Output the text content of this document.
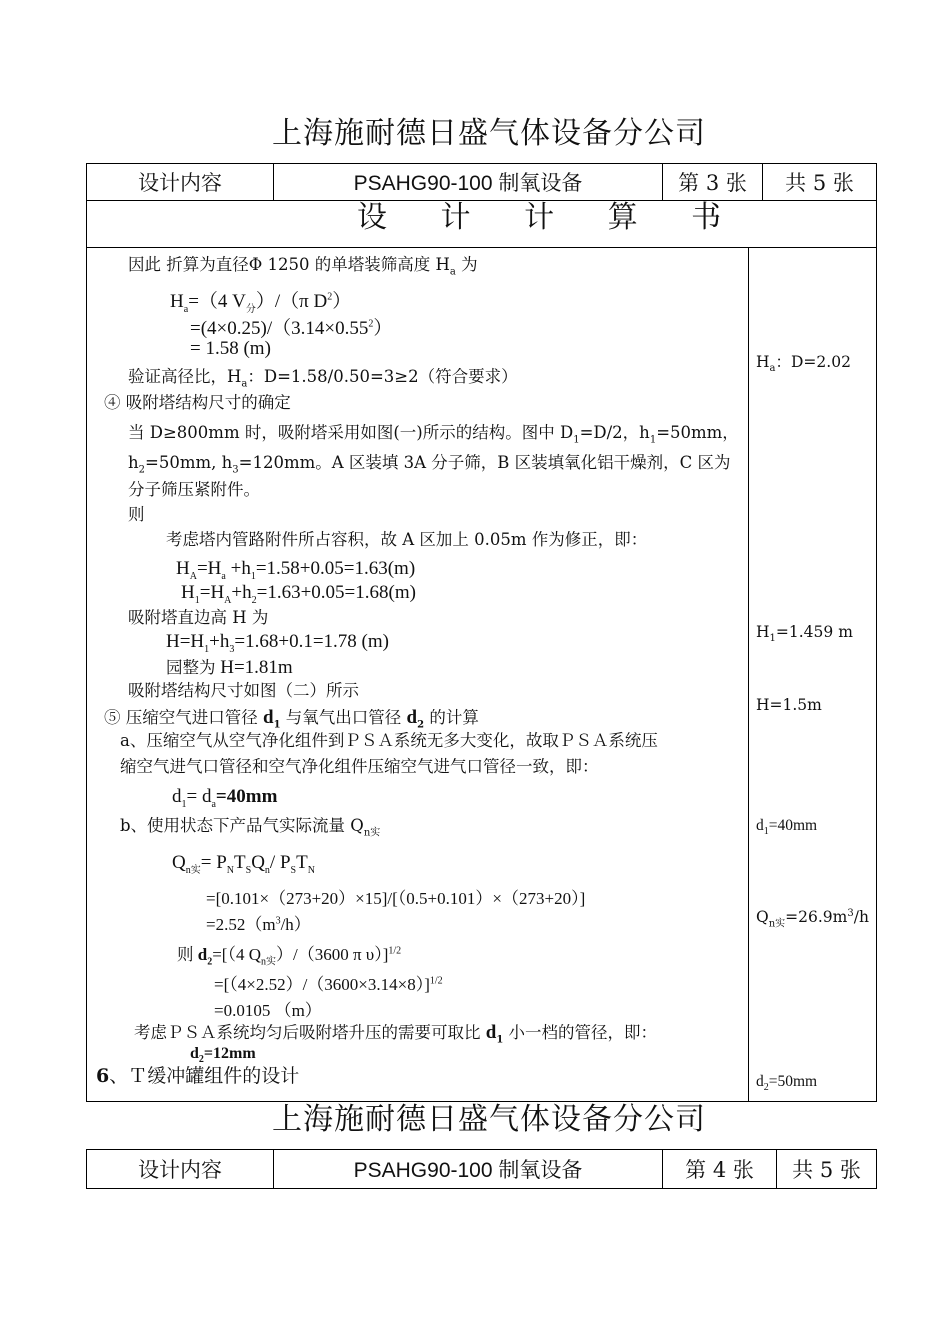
上海施耐德日盛气体设备分公司
设计内容	PSAHG90-100 制氧设备	第 3 张	共 5 张
设 计 计 算 书
因此 折算为直径Φ 1250 的单塔装筛高度 $H_a$ 为
$H_a=(4$ $V_分)/(\pi$ $D^2$）
$=(4\times 0.25)/(3.14\times 0.55^2)$
= 1.58 (m)
验证高径比，$H_a$：D=1.58/0.50=3≥2（符合要求）
④ 吸附塔结构尺寸的确定
当 D≥800mm 时，吸附塔采用如图(一)所示的结构。图中 $D_1=D/2$，$h_1=50mm$，
$h_2=50mm$, $h_3=120mm$。A 区装填 3A 分子筛，B 区装填氧化铝干燥剂，C 区为
分子筛压紧附件。
则
考虑塔内管路附件所占容积，故 A 区加上 0.05m 作为修正，即：
$H_A=H_a +h_1=1.58+0.05=1.63(m)$
$H_1=H_A+h_2=1.63+0.05=1.68(m)$
吸附塔直边高 H 为
$H=H_1+h_3=1.68+0.1=1.78$ (m)
园整为 H=1.81m
吸附塔结构尺寸如图（二）所示
⑤ 压缩空气进口管径 $d_1$ 与氧气出口管径 $d_2$ 的计算
a、压缩空气从空气净化组件到ＰＳＡ系统无多大变化，故取ＰＳＡ系统压
缩空气进气口管径和空气净化组件压缩空气进气口管径一致，即：
$d_1= d_a=40mm$
b、使用状态下产品气实际流量 $Q_{n实}$
$Q_{n实}= P_NT_SQ_n/$ $P_ST_N$
=[0.101×（273+20）×15]/[（0.5+0.101）×（273+20）]
$=2.52(m^3/h)$
则 $d_2=[(4$ $Q_{n实})/(3600$ π υ）]$^{1/2}$
$=[(4\times 2.52)/(3600\times 3.14\times 8)]^{1/2}$
=0.0105 （m）
考虑ＰＳＡ系统均匀后吸附塔升压的需要可取比 $d_1$ 小一档的管径，即：
$d_2=12mm$
6、Ｔ缓冲罐组件的设计
$H_a$：D=2.02
$H_1=1.459$ m
H=1.5m
$d_1=40mm$
$Q_{n实}=26.9m^3/h$
$d_2=50mm$
上海施耐德日盛气体设备分公司
设计内容	PSAHG90-100 制氧设备	第 4 张	共 5 张
